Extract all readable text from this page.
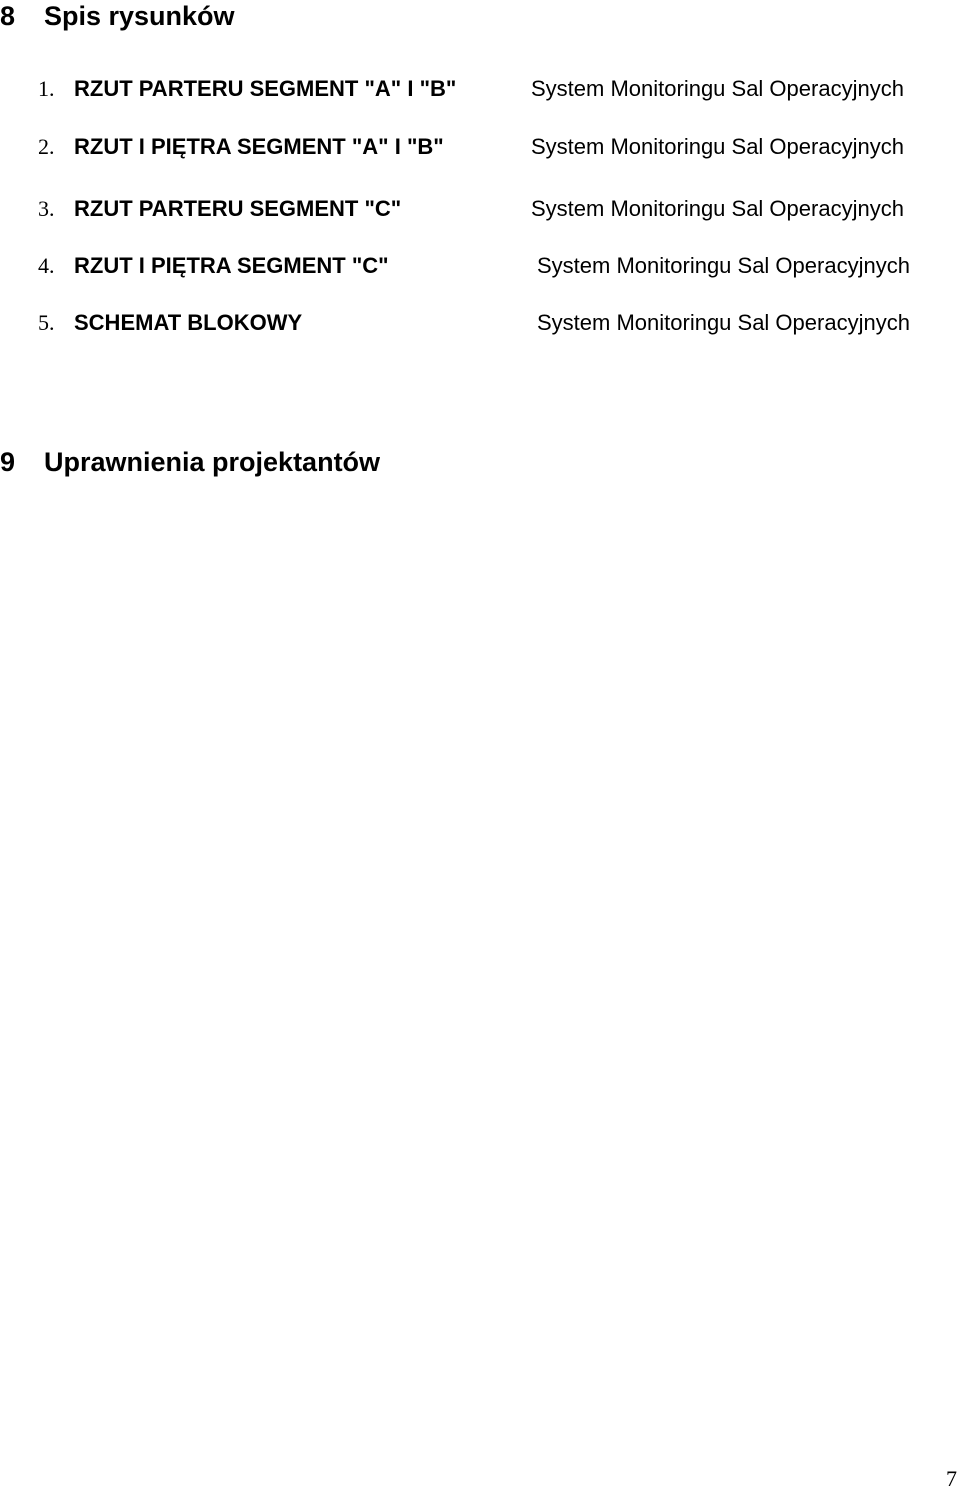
8 Spis rysunków
1. RZUT PARTERU SEGMENT "A" I "B"	System Monitoringu Sal Operacyjnych
2. RZUT I PIĘTRA SEGMENT "A" I "B"	System Monitoringu Sal Operacyjnych
3. RZUT PARTERU SEGMENT "C"	System Monitoringu Sal Operacyjnych
4. RZUT I PIĘTRA SEGMENT "C"	System Monitoringu Sal Operacyjnych
5. SCHEMAT BLOKOWY	System Monitoringu Sal Operacyjnych
9 Uprawnienia projektantów
7
